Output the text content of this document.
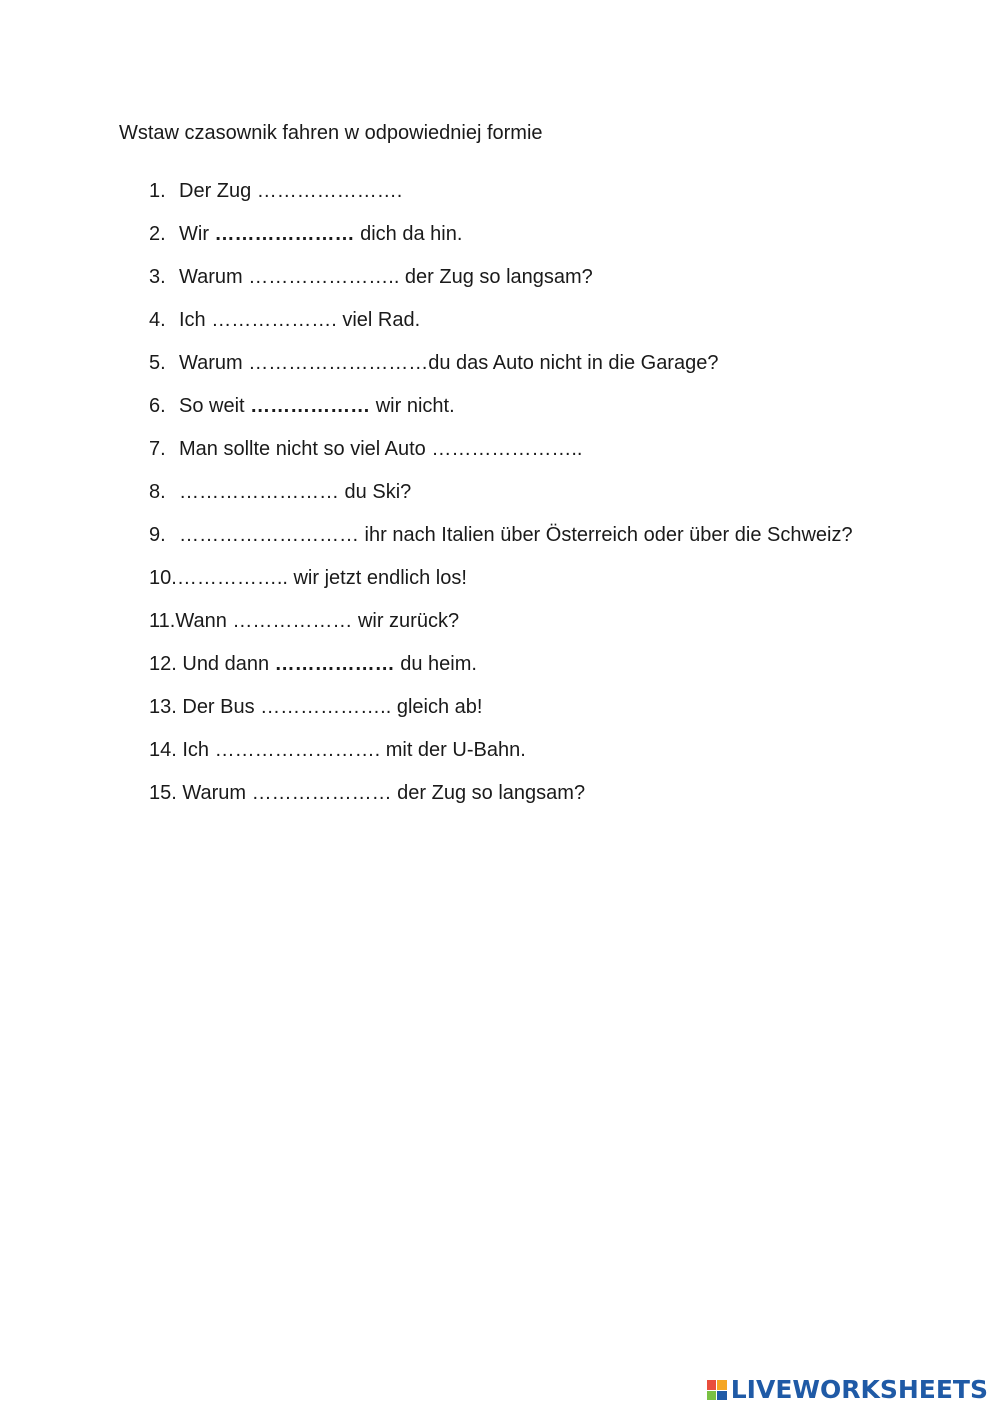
Wstaw czasownik fahren w odpowiedniej formie
1. Der Zug ………………….
2. Wir ………………… dich da hin.
3. Warum ………………….. der Zug so langsam?
4. Ich ………………. viel Rad.
5. Warum ………………………du das Auto nicht in die Garage?
6. So weit ……………… wir nicht.
7. Man sollte nicht so viel Auto …………………..
8. …………………… du Ski?
9. ……………………… ihr nach Italien über Österreich oder über die Schweiz?
10.…………….. wir jetzt endlich los!
11.Wann ……………… wir zurück?
12. Und dann ……………… du heim.
13. Der Bus ……………….. gleich ab!
14. Ich ……………………. mit der U-Bahn.
15. Warum ………………… der Zug so langsam?
LIVEWORKSHEETS
